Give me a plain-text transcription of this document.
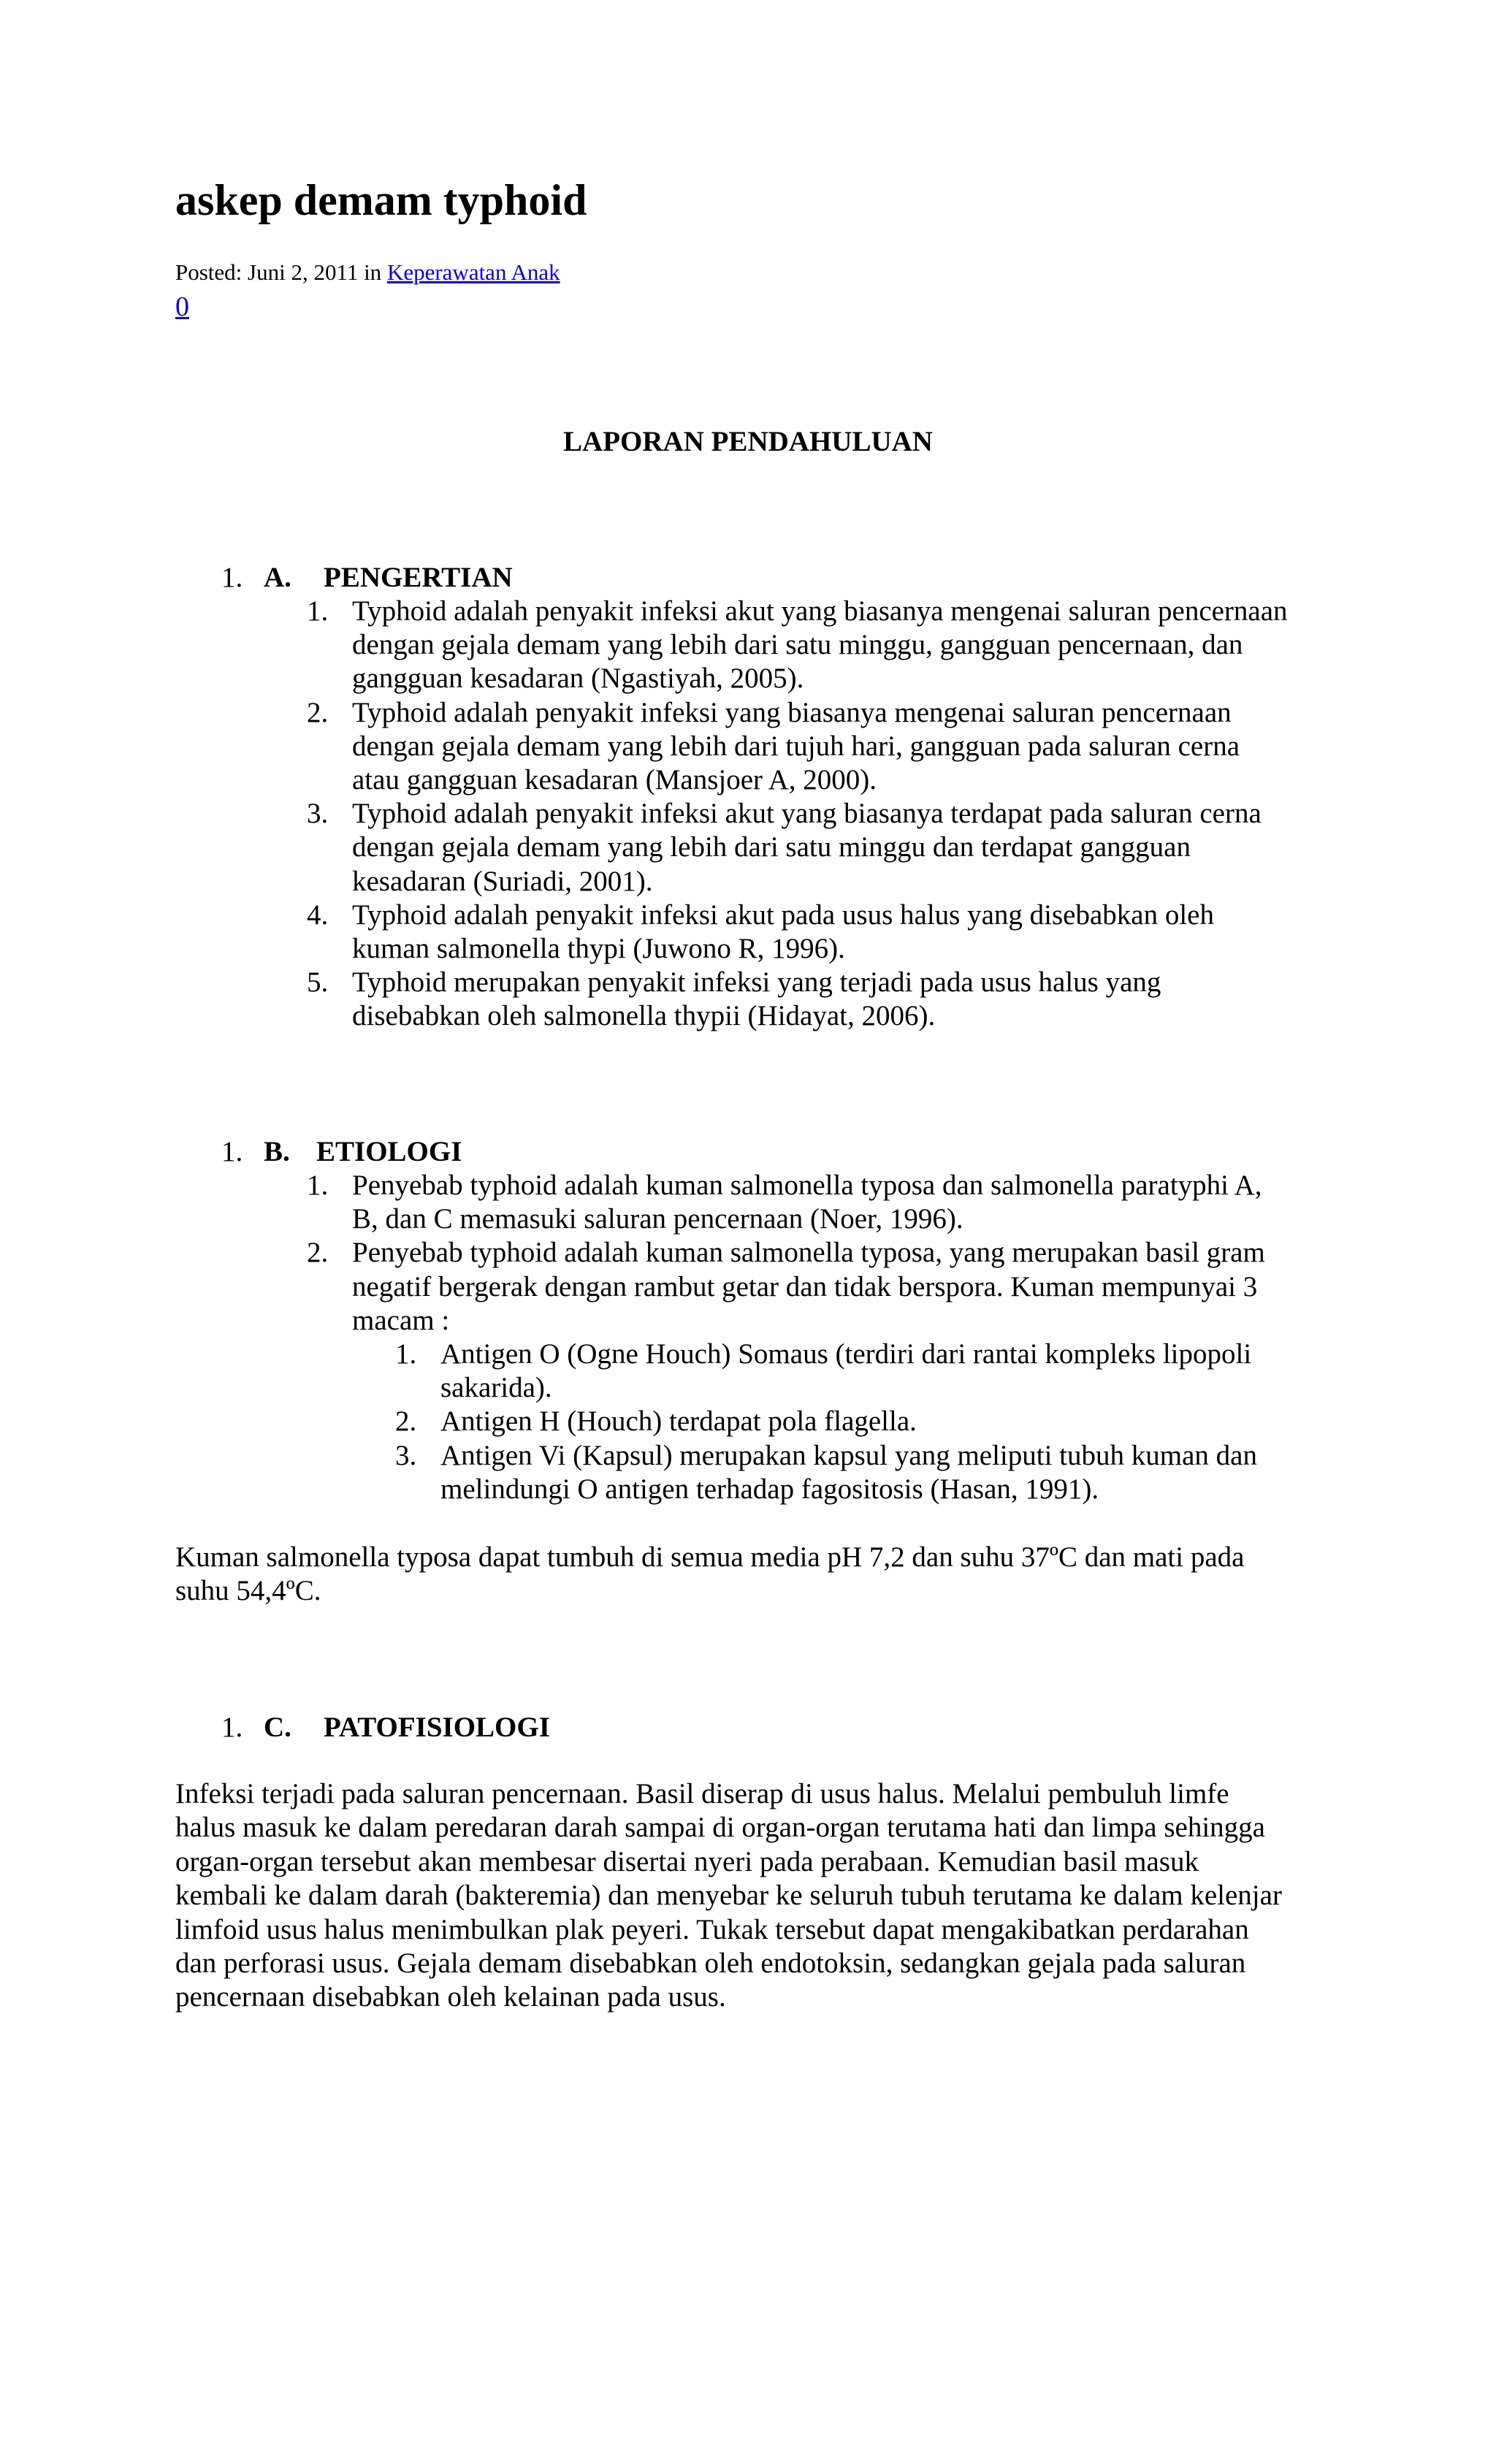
askep demam typhoid
Posted: Juni 2, 2011 in Keperawatan Anak
0
LAPORAN PENDAHULUAN
1. A. PENGERTIAN
1. Typhoid adalah penyakit infeksi akut yang biasanya mengenai saluran pencernaan
dengan gejala demam yang lebih dari satu minggu, gangguan pencernaan, dan
gangguan kesadaran (Ngastiyah, 2005).
2. Typhoid adalah penyakit infeksi yang biasanya mengenai saluran pencernaan
dengan gejala demam yang lebih dari tujuh hari, gangguan pada saluran cerna
atau gangguan kesadaran (Mansjoer A, 2000).
3. Typhoid adalah penyakit infeksi akut yang biasanya terdapat pada saluran cerna
dengan gejala demam yang lebih dari satu minggu dan terdapat gangguan
kesadaran (Suriadi, 2001).
4. Typhoid adalah penyakit infeksi akut pada usus halus yang disebabkan oleh
kuman salmonella thypi (Juwono R, 1996).
5. Typhoid merupakan penyakit infeksi yang terjadi pada usus halus yang
disebabkan oleh salmonella thypii (Hidayat, 2006).
1. B. ETIOLOGI
1. Penyebab typhoid adalah kuman salmonella typosa dan salmonella paratyphi A,
B, dan C memasuki saluran pencernaan (Noer, 1996).
2. Penyebab typhoid adalah kuman salmonella typosa, yang merupakan basil gram
negatif bergerak dengan rambut getar dan tidak berspora. Kuman mempunyai 3
macam :
1. Antigen O (Ogne Houch) Somaus (terdiri dari rantai kompleks lipopoli
sakarida).
2. Antigen H (Houch) terdapat pola flagella.
3. Antigen Vi (Kapsul) merupakan kapsul yang meliputi tubuh kuman dan
melindungi O antigen terhadap fagositosis (Hasan, 1991).
Kuman salmonella typosa dapat tumbuh di semua media pH 7,2 dan suhu 37ºC dan mati pada
suhu 54,4ºC.
1. C. PATOFISIOLOGI
Infeksi terjadi pada saluran pencernaan. Basil diserap di usus halus. Melalui pembuluh limfe
halus masuk ke dalam peredaran darah sampai di organ-organ terutama hati dan limpa sehingga
organ-organ tersebut akan membesar disertai nyeri pada perabaan. Kemudian basil masuk
kembali ke dalam darah (bakteremia) dan menyebar ke seluruh tubuh terutama ke dalam kelenjar
limfoid usus halus menimbulkan plak peyeri. Tukak tersebut dapat mengakibatkan perdarahan
dan perforasi usus. Gejala demam disebabkan oleh endotoksin, sedangkan gejala pada saluran
pencernaan disebabkan oleh kelainan pada usus.
